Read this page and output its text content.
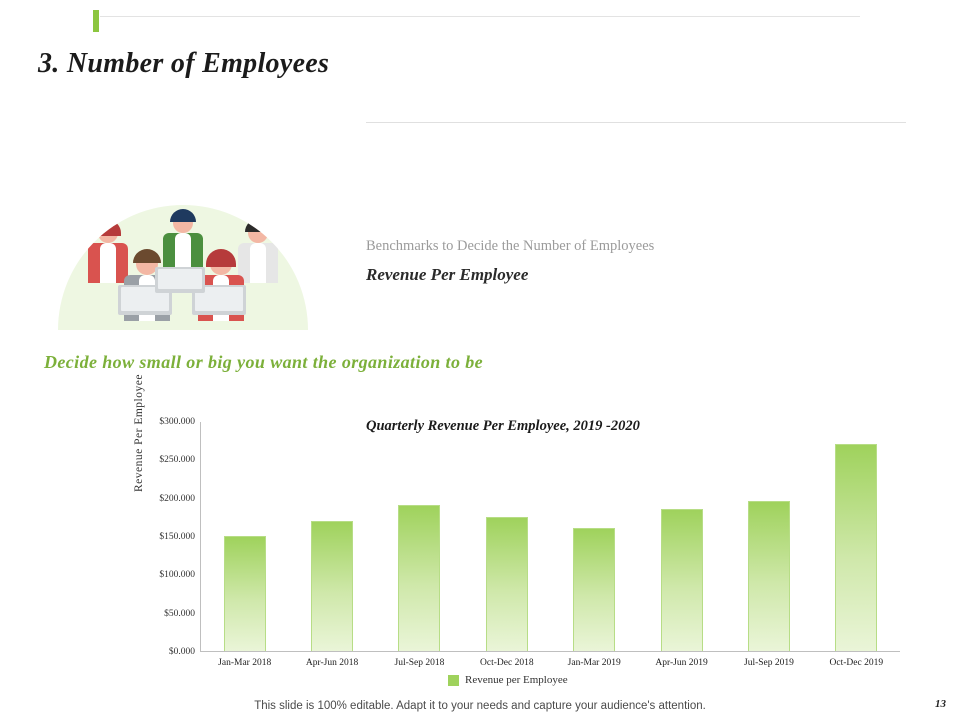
3. Number of Employees
Benchmarks to Decide the Number of Employees
Revenue Per Employee
Decide how small or big you want the organization to be
Quarterly Revenue Per Employee, 2019 -2020
Revenue Per Employee
$0.000
$50.000
$100.000
$150.000
$200.000
$250.000
$300.000
Jan-Mar 2018	Apr-Jun 2018	Jul-Sep 2018	Oct-Dec 2018	Jan-Mar 2019	Apr-Jun 2019	Jul-Sep 2019	Oct-Dec 2019
Revenue per Employee
This slide is 100% editable. Adapt it to your needs and capture your audience's attention.	13
